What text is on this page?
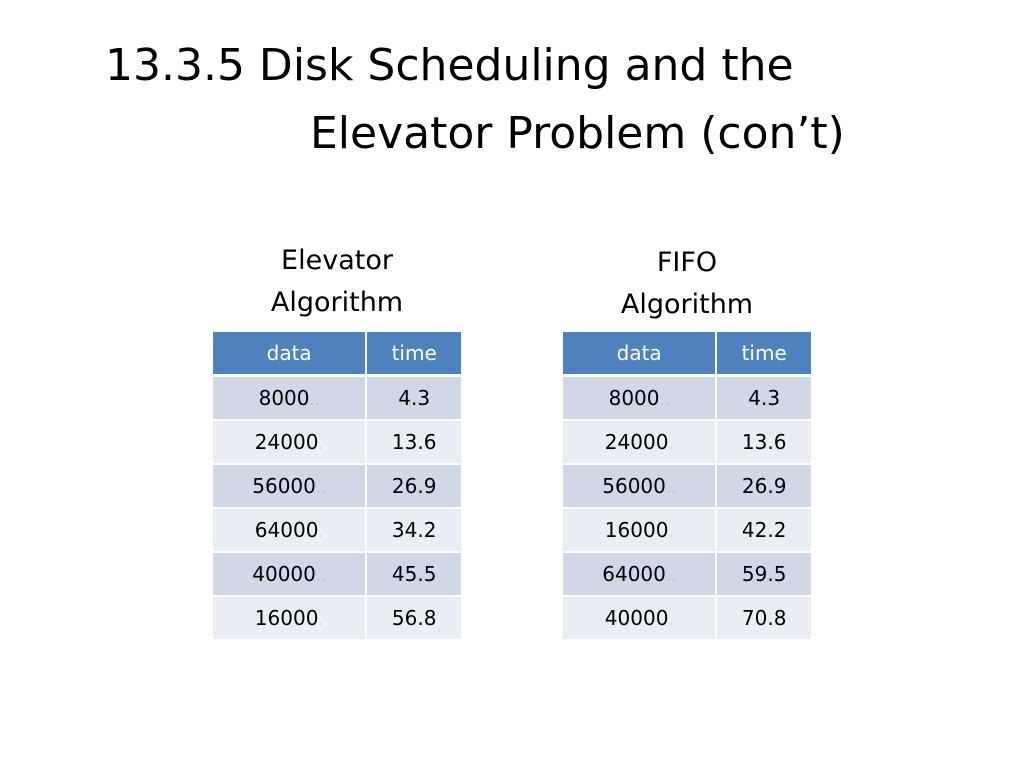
13.3.5 Disk Scheduling and the
Elevator Problem (con’t)
Elevator
Algorithm
FIFO
Algorithm
data	time
8000..	4.3
24000.	13.6
56000..	26.9
64000.	34.2
40000..	45.5
16000.	56.8
data	time
8000..	4.3
24000.	13.6
56000..	26.9
16000.	42.2
64000..	59.5
40000.	70.8
